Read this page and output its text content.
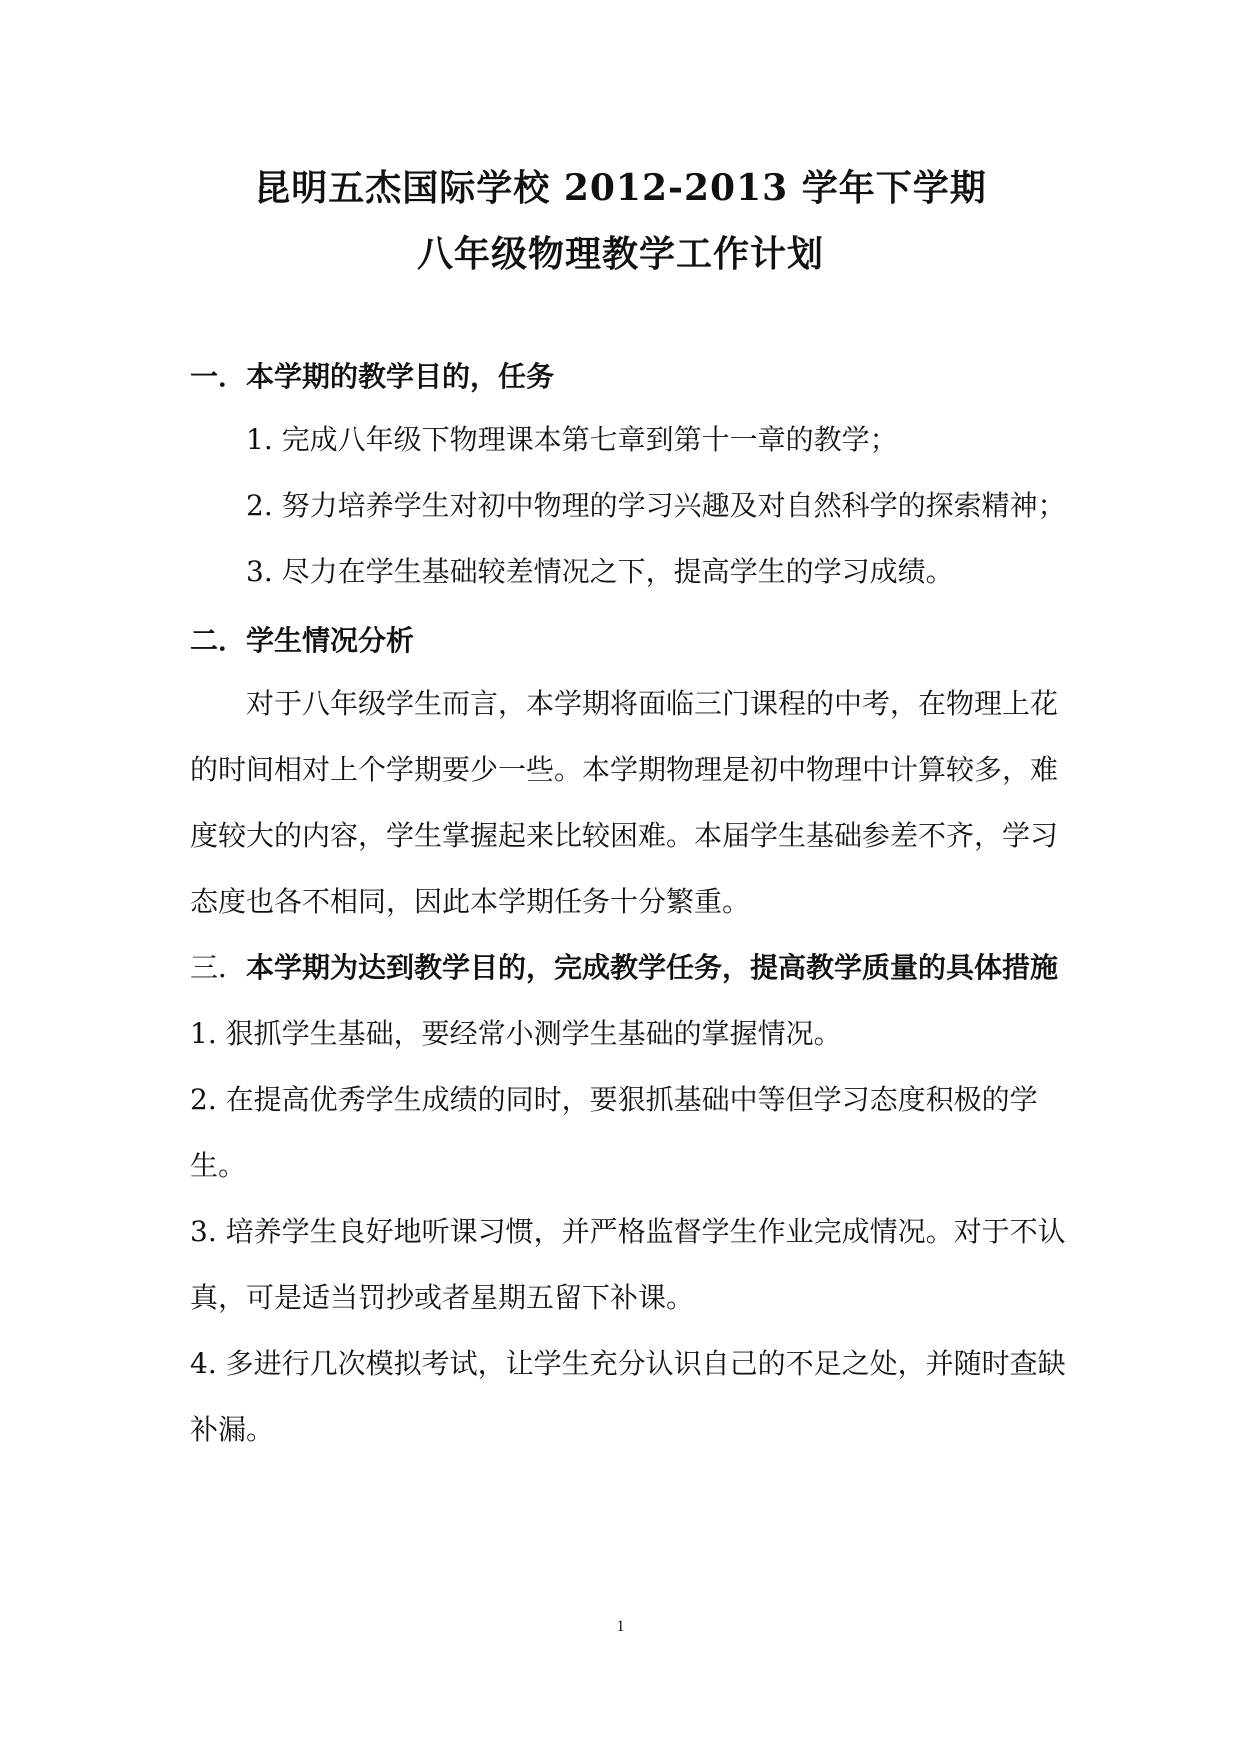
昆明五杰国际学校 2012-2013 学年下学期
八年级物理教学工作计划

一．本学期的教学目的，任务

1. 完成八年级下物理课本第七章到第十一章的教学；

2. 努力培养学生对初中物理的学习兴趣及对自然科学的探索精神；

3. 尽力在学生基础较差情况之下，提高学生的学习成绩。

二．学生情况分析

对于八年级学生而言，本学期将面临三门课程的中考，在物理上花的时间相对上个学期要少一些。本学期物理是初中物理中计算较多，难度较大的内容，学生掌握起来比较困难。本届学生基础参差不齐，学习态度也各不相同，因此本学期任务十分繁重。

三．本学期为达到教学目的，完成教学任务，提高教学质量的具体措施

1. 狠抓学生基础，要经常小测学生基础的掌握情况。

2. 在提高优秀学生成绩的同时，要狠抓基础中等但学习态度积极的学生。

3. 培养学生良好地听课习惯，并严格监督学生作业完成情况。对于不认真，可是适当罚抄或者星期五留下补课。

4. 多进行几次模拟考试，让学生充分认识自己的不足之处，并随时查缺补漏。

1
